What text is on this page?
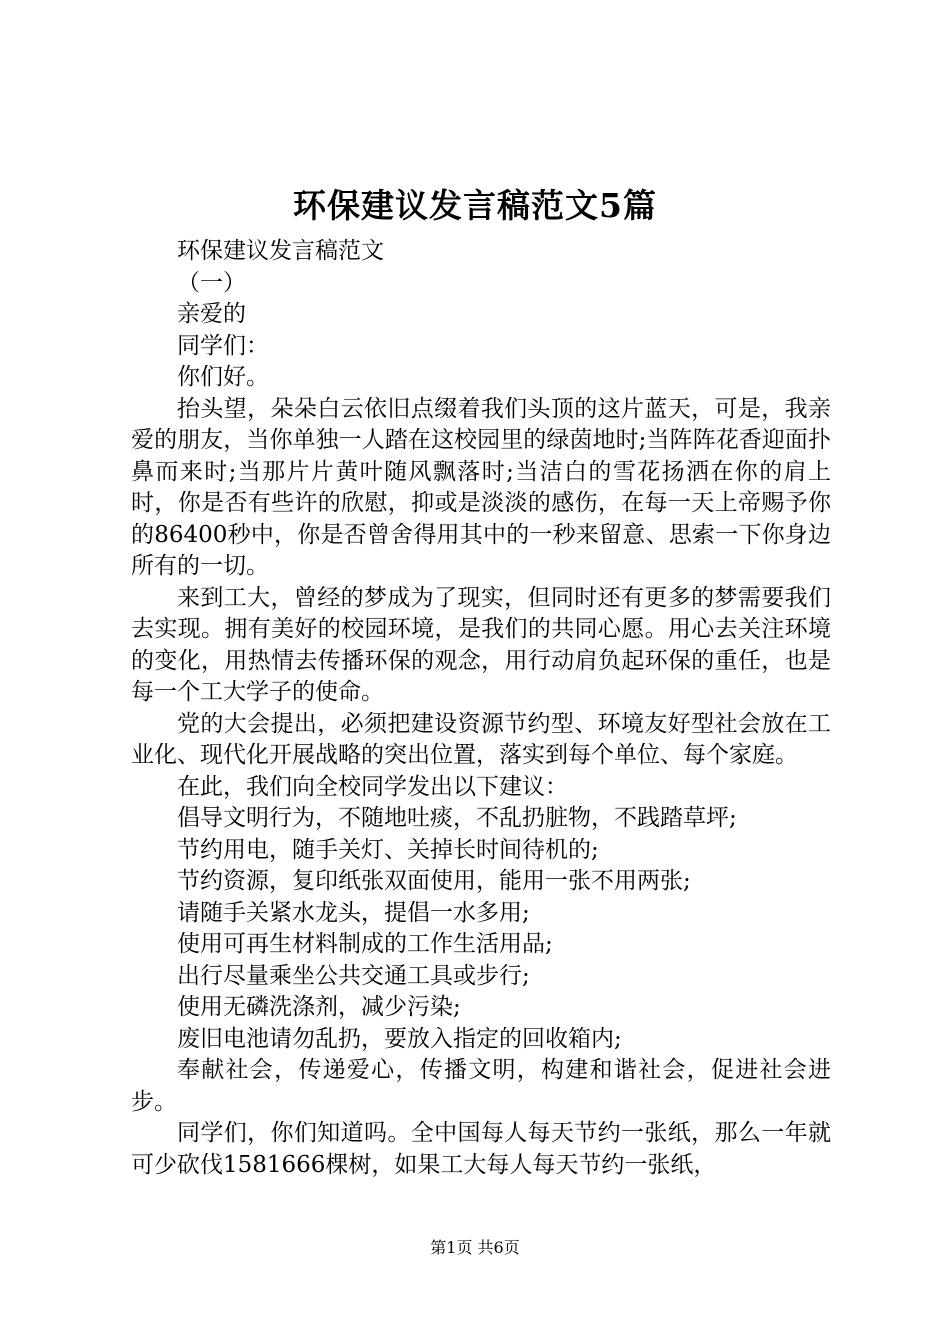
环保建议发言稿范文5篇

环保建议发言稿范文

（一）

亲爱的

同学们：

你们好。

抬头望，朵朵白云依旧点缀着我们头顶的这片蓝天，可是，我亲爱的朋友，当你单独一人踏在这校园里的绿茵地时;当阵阵花香迎面扑鼻而来时;当那片片黄叶随风飘落时;当洁白的雪花扬洒在你的肩上时，你是否有些许的欣慰，抑或是淡淡的感伤，在每一天上帝赐予你的86400秒中，你是否曾舍得用其中的一秒来留意、思索一下你身边所有的一切。

来到工大，曾经的梦成为了现实，但同时还有更多的梦需要我们去实现。拥有美好的校园环境，是我们的共同心愿。用心去关注环境的变化，用热情去传播环保的观念，用行动肩负起环保的重任，也是每一个工大学子的使命。

党的大会提出，必须把建设资源节约型、环境友好型社会放在工业化、现代化开展战略的突出位置，落实到每个单位、每个家庭。

在此，我们向全校同学发出以下建议：

倡导文明行为，不随地吐痰，不乱扔脏物，不践踏草坪;

节约用电，随手关灯、关掉长时间待机的;

节约资源，复印纸张双面使用，能用一张不用两张;

请随手关紧水龙头，提倡一水多用;

使用可再生材料制成的工作生活用品;

出行尽量乘坐公共交通工具或步行;

使用无磷洗涤剂，减少污染;

废旧电池请勿乱扔，要放入指定的回收箱内;

奉献社会，传递爱心，传播文明，构建和谐社会，促进社会进步。

同学们，你们知道吗。全中国每人每天节约一张纸，那么一年就可少砍伐1581666棵树，如果工大每人每天节约一张纸，

第1页 共6页
